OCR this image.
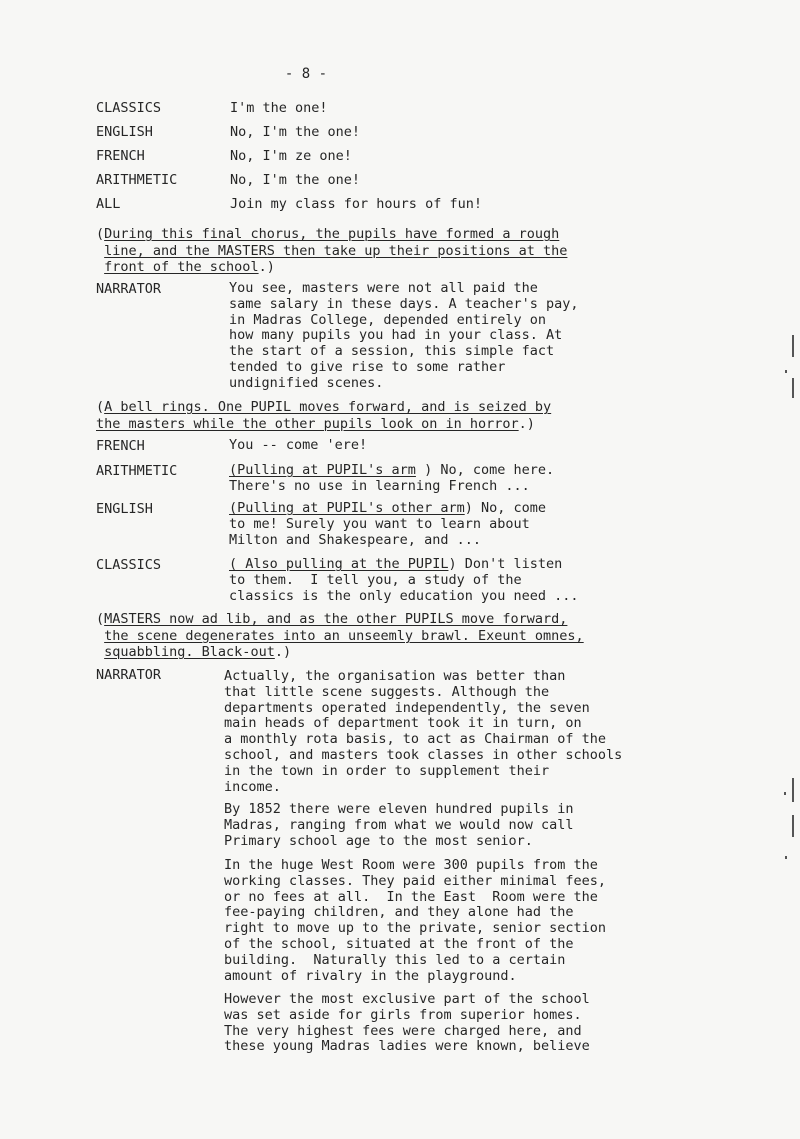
- 8 -
CLASSICS	I'm the one!
ENGLISH	No, I'm the one!
FRENCH	No, I'm ze one!
ARITHMETIC	No, I'm the one!
ALL	Join my class for hours of fun!
(During this final chorus, the pupils have formed a rough
line, and the MASTERS then take up their positions at the
front of the school.)
NARRATOR	You see, masters were not all paid the
same salary in these days. A teacher's pay,
in Madras College, depended entirely on
how many pupils you had in your class. At
the start of a session, this simple fact
tended to give rise to some rather
undignified scenes.
(A bell rings. One PUPIL moves forward, and is seized by
the masters while the other pupils look on in horror.)
FRENCH	You -- come 'ere!
ARITHMETIC	(Pulling at PUPIL's arm ) No, come here.
There's no use in learning French ...
ENGLISH	(Pulling at PUPIL's other arm) No, come
to me! Surely you want to learn about
Milton and Shakespeare, and ...
CLASSICS	( Also pulling at the PUPIL) Don't listen
to them.  I tell you, a study of the
classics is the only education you need ...
(MASTERS now ad lib, and as the other PUPILS move forward,
the scene degenerates into an unseemly brawl. Exeunt omnes,
squabbling. Black-out.)
NARRATOR	Actually, the organisation was better than
that little scene suggests. Although the
departments operated independently, the seven
main heads of department took it in turn, on
a monthly rota basis, to act as Chairman of the
school, and masters took classes in other schools
in the town in order to supplement their
income.
By 1852 there were eleven hundred pupils in
Madras, ranging from what we would now call
Primary school age to the most senior.
In the huge West Room were 300 pupils from the
working classes. They paid either minimal fees,
or no fees at all.  In the East  Room were the
fee-paying children, and they alone had the
right to move up to the private, senior section
of the school, situated at the front of the
building.  Naturally this led to a certain
amount of rivalry in the playground.
However the most exclusive part of the school
was set aside for girls from superior homes.
The very highest fees were charged here, and
these young Madras ladies were known, believe
